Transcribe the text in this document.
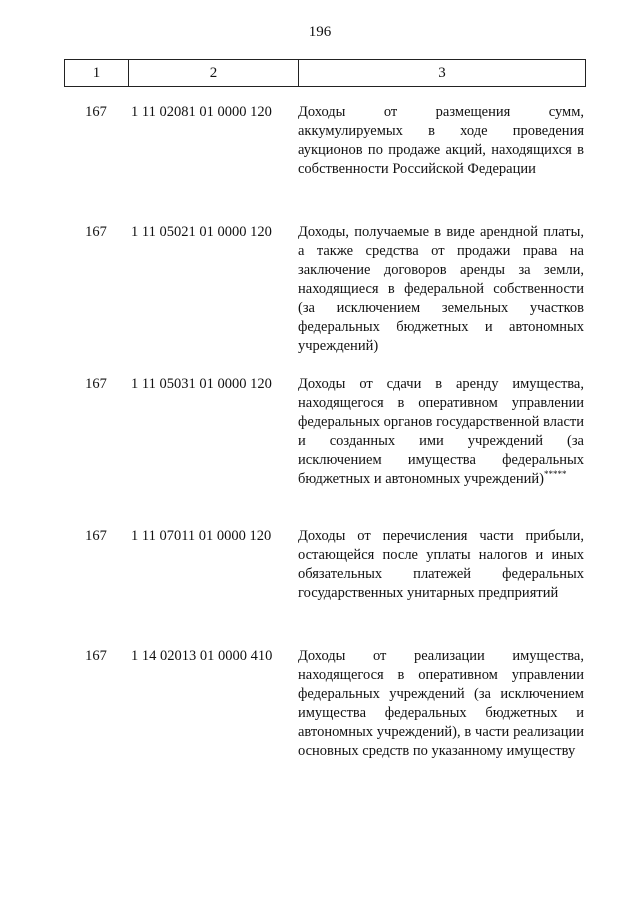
196
1	2	3
167	1 11 02081 01 0000 120	Доходы от размещения сумм, аккумулируемых в ходе проведения аукционов по продаже акций, находящихся в собственности Российской Федерации
167	1 11 05021 01 0000 120	Доходы, получаемые в виде арендной платы, а также средства от продажи права на заключение договоров аренды за земли, находящиеся в федеральной собственности (за исключением земельных участков федеральных бюджетных и автономных учреждений)
167	1 11 05031 01 0000 120	Доходы от сдачи в аренду имущества, находящегося в оперативном управлении федеральных органов государственной власти и созданных ими учреждений (за исключением имущества федеральных бюджетных и автономных учреждений)*****
167	1 11 07011 01 0000 120	Доходы от перечисления части прибыли, остающейся после уплаты налогов и иных обязательных платежей федеральных государственных унитарных предприятий
167	1 14 02013 01 0000 410	Доходы от реализации имущества, находящегося в оперативном управлении федеральных учреждений (за исключением имущества федеральных бюджетных и автономных учреждений), в части реализации основных средств по указанному имуществу
